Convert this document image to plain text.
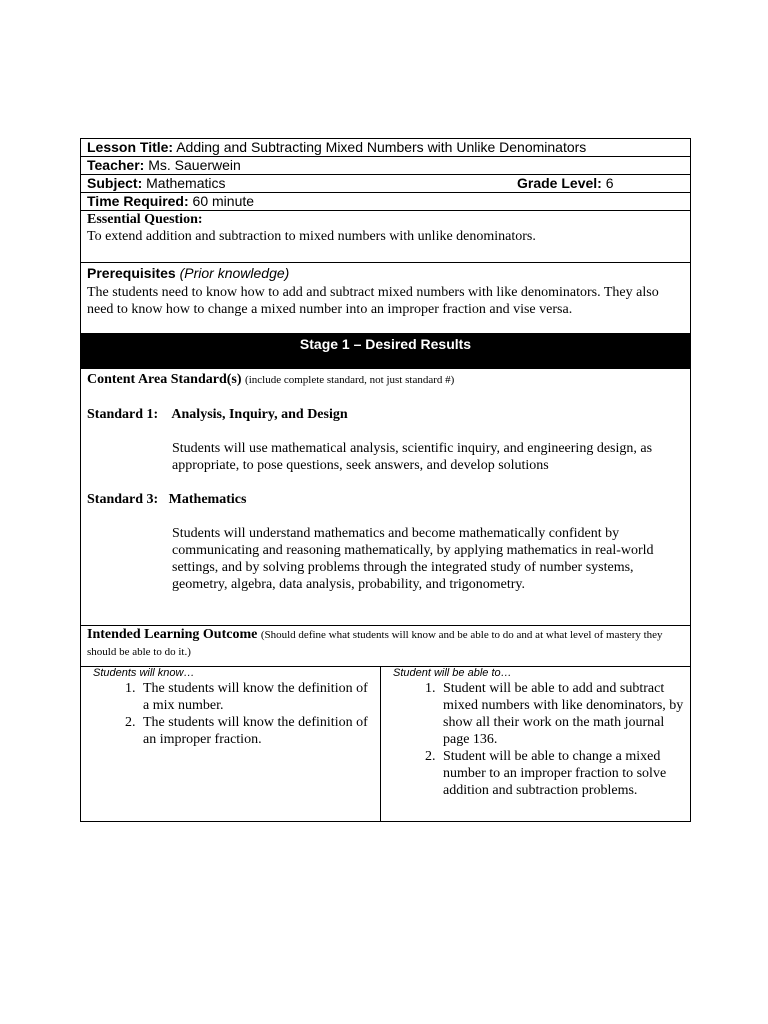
Lesson Title: Adding and Subtracting Mixed Numbers with Unlike Denominators
Teacher: Ms. Sauerwein
Subject: Mathematics	Grade Level: 6

Time Required: 60 minute

Essential Question:
To extend addition and subtraction to mixed numbers with unlike denominators.

Prerequisites (Prior knowledge)
The students need to know how to add and subtract mixed numbers with like denominators. They also need to know how to change a mixed number into an improper fraction and vise versa.

Stage 1 – Desired Results

Content Area Standard(s) (include complete standard, not just standard #)
Standard 1:    Analysis, Inquiry, and Design
Students will use mathematical analysis, scientific inquiry, and engineering design, as appropriate, to pose questions, seek answers, and develop solutions
Standard 3:   Mathematics
Students will understand mathematics and become mathematically confident by communicating and reasoning mathematically, by applying mathematics in real-world settings, and by solving problems through the integrated study of number systems, geometry, algebra, data analysis, probability, and trigonometry.

Intended Learning Outcome (Should define what students will know and be able to do and at what level of mastery they should be able to do it.)

Students will know…
1. The students will know the definition of a mix number.
2. The students will know the definition of an improper fraction.

Student will be able to…
1. Student will be able to add and subtract mixed numbers with like denominators, by show all their work on the math journal page 136.
2. Student will be able to change a mixed number to an improper fraction to solve addition and subtraction problems.
